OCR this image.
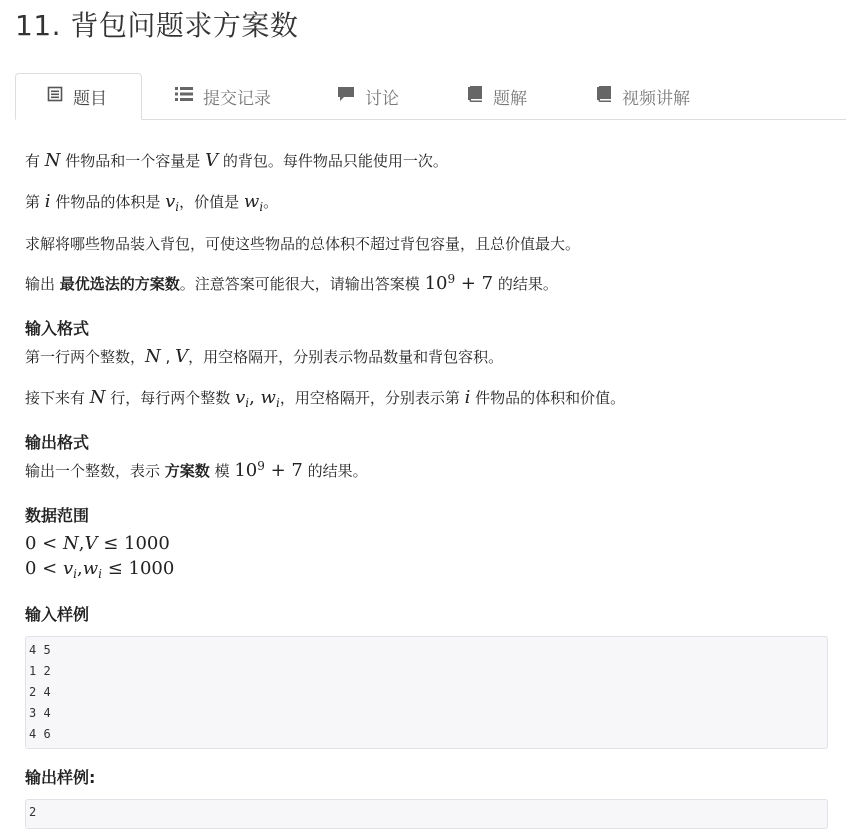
11. 背包问题求方案数
题目	提交记录	讨论	题解	视频讲解
有 N 件物品和一个容量是 V 的背包。每件物品只能使用一次。
第 i 件物品的体积是 $v_i$，价值是 $w_i$。
求解将哪些物品装入背包，可使这些物品的总体积不超过背包容量，且总价值最大。
输出 最优选法的方案数。注意答案可能很大，请输出答案模 $10^9 + 7$ 的结果。
输入格式
第一行两个整数，N , V，用空格隔开，分别表示物品数量和背包容积。
接下来有 N 行，每行两个整数 $v_i$, $w_i$，用空格隔开，分别表示第 i 件物品的体积和价值。
输出格式
输出一个整数，表示 方案数 模 $10^9 + 7$ 的结果。
数据范围
0 < N,V ≤ 1000
$0 < v_i,w_i \le 1000$
输入样例
输出样例:
4 5
1 2
2 4
3 4
4 6
2
